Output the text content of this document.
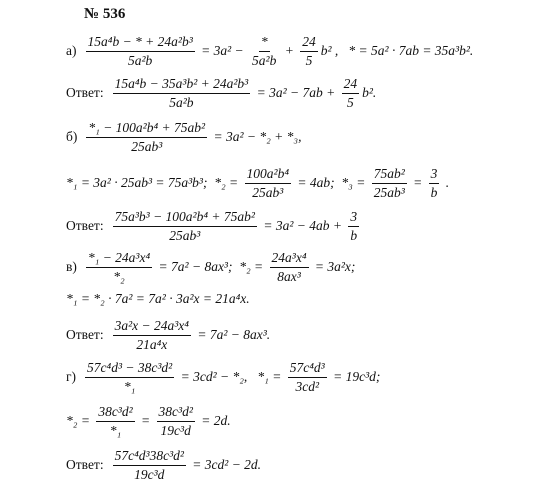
№ 536
$а) \frac{\text{15a⁴b − * + 24a²b³}}{\text{5a²b}} = 3a^2 - \frac{*}{\text{5a²b}} + \frac{24}{5} b^2$ ,   * = 5a² · 7ab = 35a³b².
Ответ: $\frac{\text{15a⁴b − 35a³b² + 24a²b³}}{\text{5a²b}} = 3a^2 - 7ab + \frac{24}{5} b^2$.
$б) \frac{\text{*₁ − 100a²b⁴ + 75ab²}}{\text{25ab³}} = 3a^2 - *_2 + *_3$,
*₁ = 3a² · 25ab³ = 75a³b³;  $*_2 = \frac{\text{100a²b⁴}}{\text{25ab³}} = 4ab$;  $*_3 = \frac{\text{75ab²}}{\text{25ab³}} = \frac{3}{b}$ .
Ответ: $\frac{\text{75a³b³ − 100a²b⁴ + 75ab²}}{\text{25ab³}} = 3a^2 - 4ab + \frac{3}{b}$
$в) \frac{\text{*₁ − 24a³x⁴}}{\text{*₂}} = 7a^2 - 8ax^3$;  $*_2 = \frac{\text{24a³x⁴}}{\text{8ax³}} = 3a^2x$;
*₁ = *₂ · 7a² = 7a² · 3a²x = 21a⁴x.
Ответ: $\frac{\text{3a²x − 24a³x⁴}}{\text{21a⁴x}} = 7a^2 - 8ax^3$.
$г) \frac{\text{57c⁴d³ − 38c³d²}}{\text{*₁}} = 3cd^2 - *_2$,   $*_1 = \frac{\text{57c⁴d³}}{\text{3cd²}} = 19c^3d$;
$*_2 = \frac{\text{38c³d²}}{\text{*₁}} = \frac{\text{38c³d²}}{\text{19c³d}} = 2d$.
Ответ: $\frac{\text{57c⁴d³38c³d²}}{\text{19c³d}} = 3cd^2 - 2d$.
